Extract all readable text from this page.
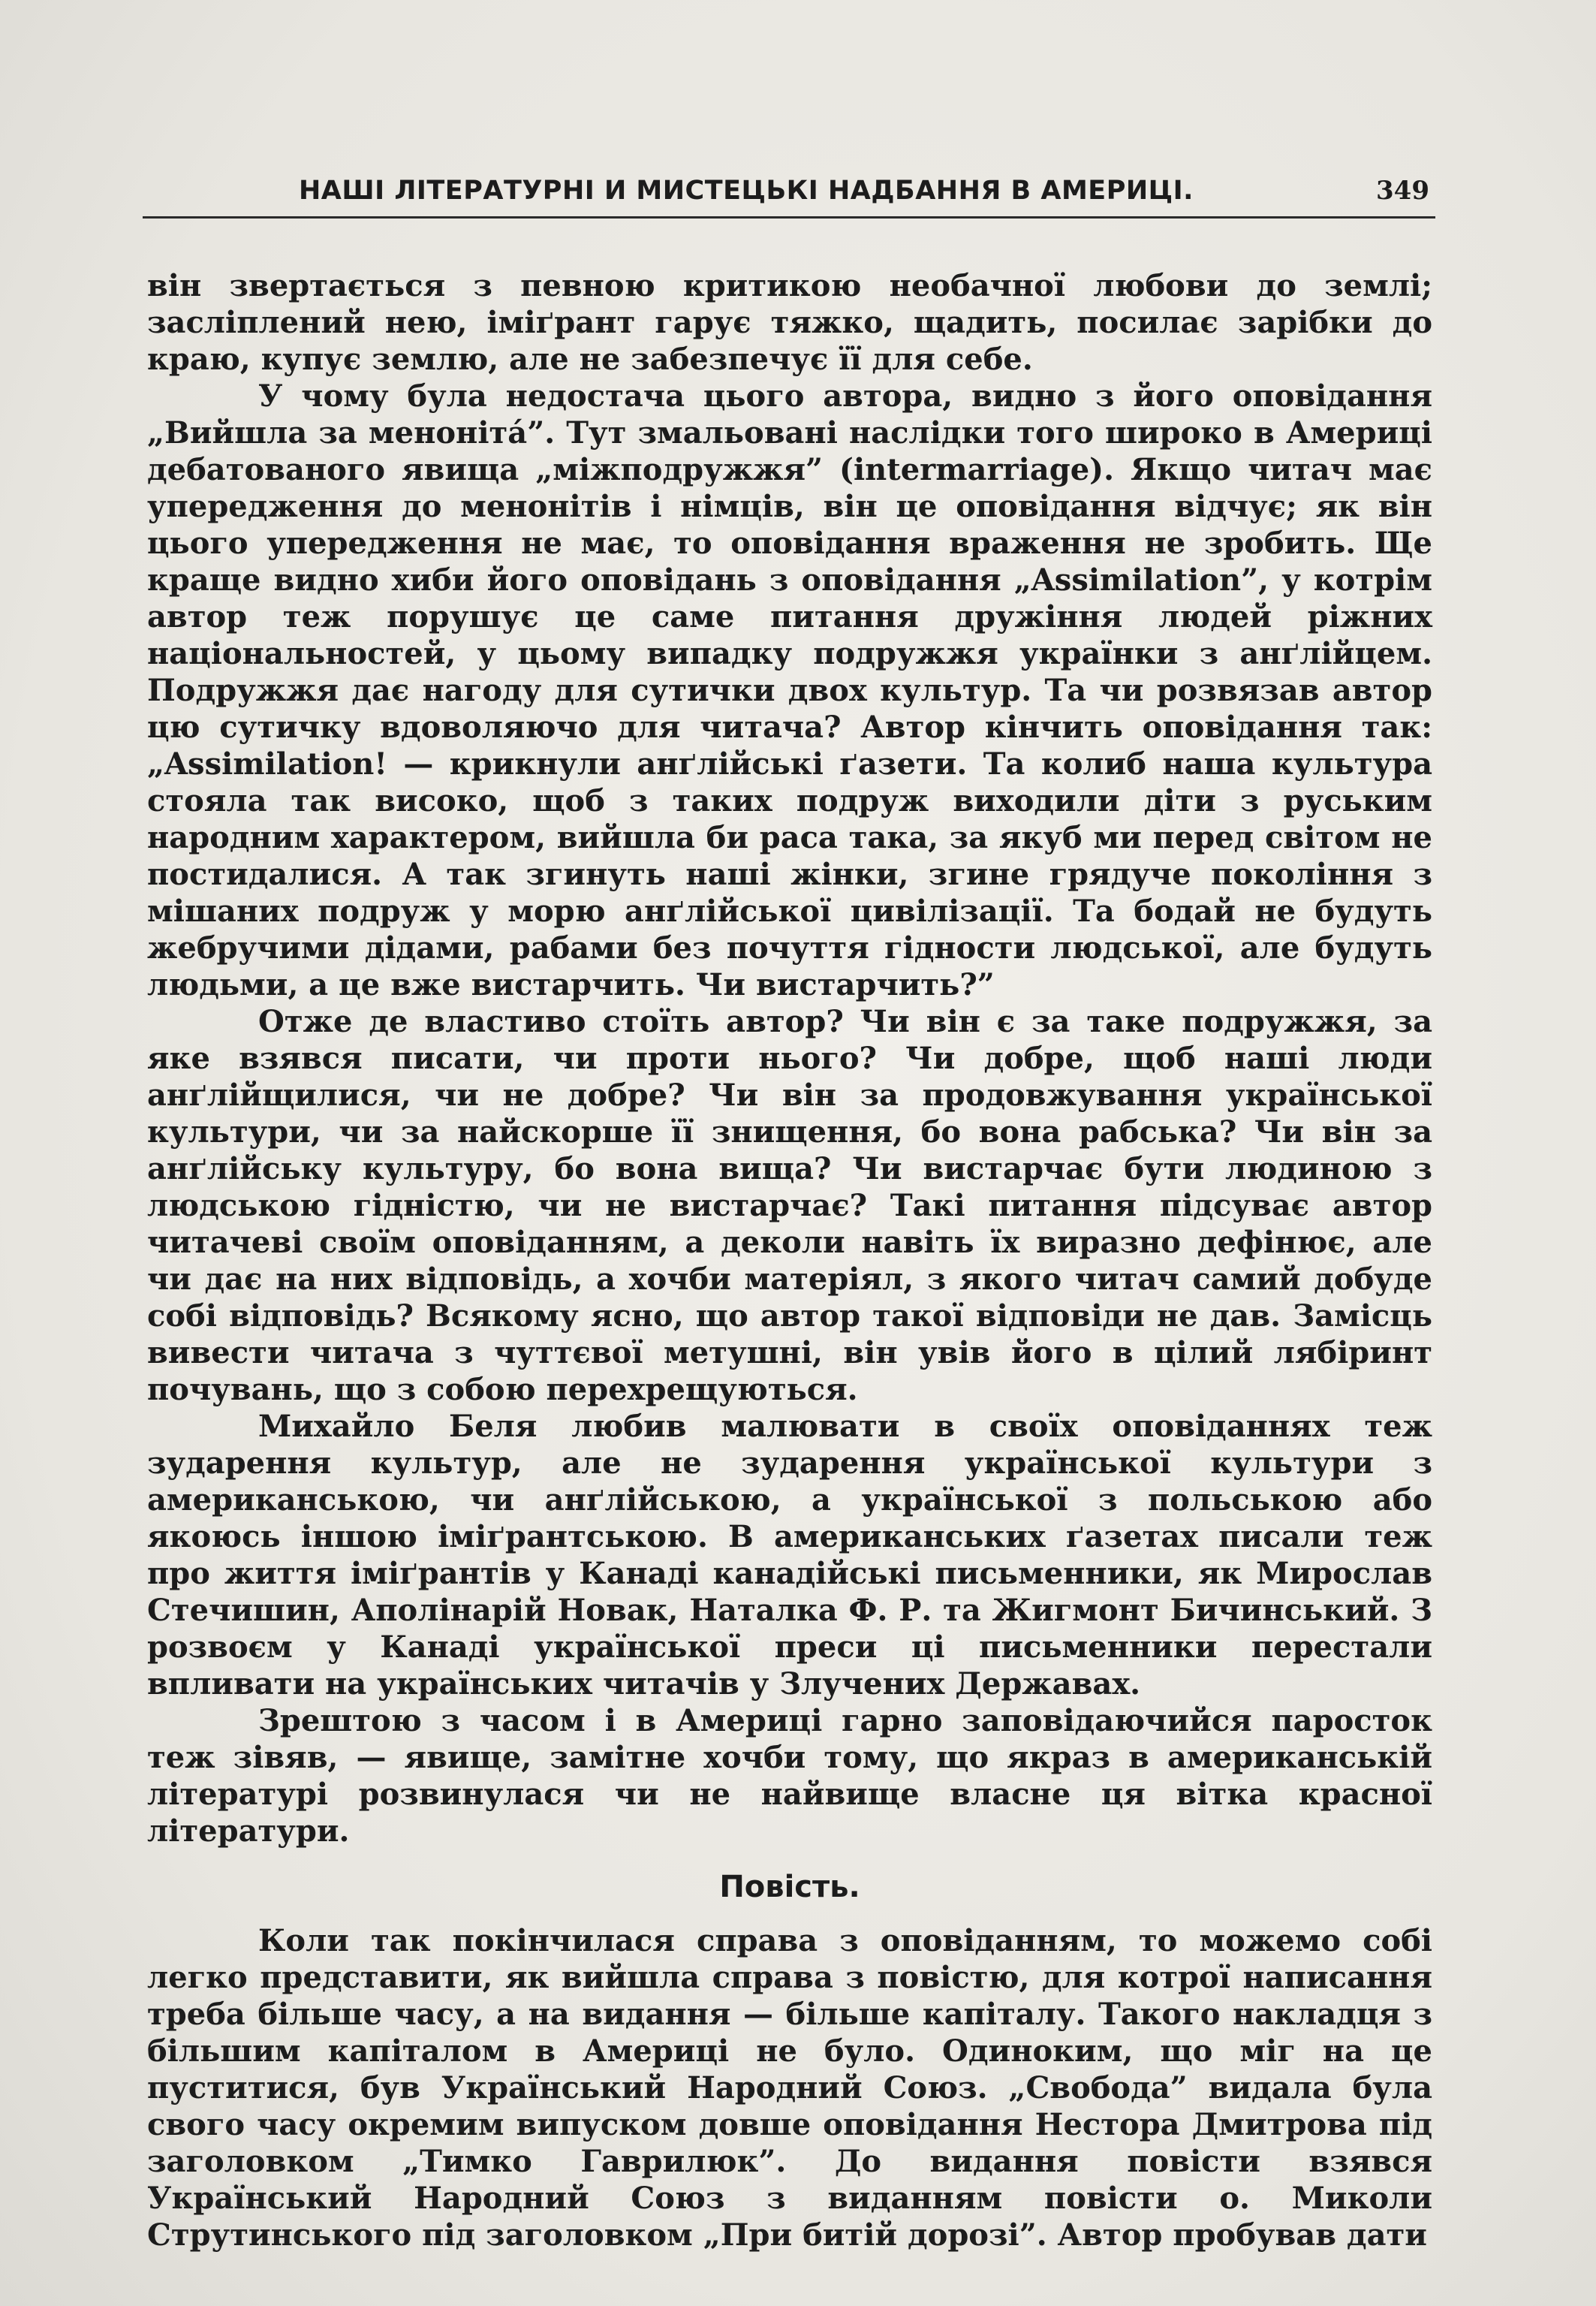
НАШІ ЛІТЕРАТУРНІ И МИСТЕЦЬКІ НАДБАННЯ В АМЕРИЦІ.	349

він звертається з певною критикою необачної любови до землі; засліплений нею, іміґрант гарує тяжко, щадить, посилає зарібки до краю, купує землю, але не забезпечує її для себе.

У чому була недостача цього автора, видно з його оповідання „Вийшла за менонітá”. Тут змальовані наслідки того широко в Америці дебатованого явища „міжподружжя” (intermarriage). Якщо читач має упередження до менонітів і німців, він це оповідання відчує; як він цього упередження не має, то оповідання враження не зробить. Ще краще видно хиби його оповідань з оповідання „Assimilation”, у котрім автор теж порушує це саме питання дружіння людей ріжних національностей, у цьому випадку подружжя українки з анґлійцем. Подружжя дає нагоду для сутички двох культур. Та чи розвязав автор цю сутичку вдоволяючо для читача? Автор кінчить оповідання так: „Assimilation! — крикнули анґлійські ґазети. Та колиб наша культура стояла так високо, щоб з таких подруж виходили діти з руським народним характером, вийшла би раса така, за якуб ми перед світом не постидалися. А так згинуть наші жінки, згине грядуче покоління з мішаних подруж у морю анґлійської цивілізації. Та бодай не будуть жебручими дідами, рабами без почуття гідности людської, але будуть людьми, а це вже вистарчить. Чи вистарчить?”

Отже де властиво стоїть автор? Чи він є за таке подружжя, за яке взявся писати, чи проти нього? Чи добре, щоб наші люди анґлійщилися, чи не добре? Чи він за продовжування української культури, чи за найскорше її знищення, бо вона рабська? Чи він за анґлійську культуру, бо вона вища? Чи вистарчає бути людиною з людською гідністю, чи не вистарчає? Такі питання підсуває автор читачеві своїм оповіданням, а деколи навіть їх виразно дефінює, але чи дає на них відповідь, а хочби матеріял, з якого читач самий добуде собі відповідь? Всякому ясно, що автор такої відповіди не дав. Замісць вивести читача з чуттєвої метушні, він увів його в цілий лябіринт почувань, що з собою перехрещуються.

Михайло Беля любив малювати в своїх оповіданнях теж зударення культур, але не зударення української культури з американською, чи анґлійською, а української з польською або якоюсь іншою іміґрантською. В американських ґазетах писали теж про життя іміґрантів у Канаді канадійські письменники, як Мирослав Стечишин, Аполінарій Новак, Наталка Ф. Р. та Жигмонт Бичинський. З розвоєм у Канаді української преси ці письменники перестали впливати на українських читачів у Злучених Державах.

Зрештою з часом і в Америці гарно заповідаючийся паросток теж зівяв, — явище, замітне хочби тому, що якраз в американській літературі розвинулася чи не найвище власне ця вітка красної літератури.

Повість.

Коли так покінчилася справа з оповіданням, то можемо собі легко представити, як вийшла справа з повістю, для котрої написання треба більше часу, а на видання — більше капіталу. Такого накладця з більшим капіталом в Америці не було. Одиноким, що міг на це пуститися, був Український Народний Союз. „Свобода” видала була свого часу окремим випуском довше оповідання Нестора Дмитрова під заголовком „Тимко Гаврилюк”. До видання повісти взявся Український Народний Союз з виданням повісти о. Миколи Струтинського під заголовком „При битій дорозі”. Автор пробував дати
